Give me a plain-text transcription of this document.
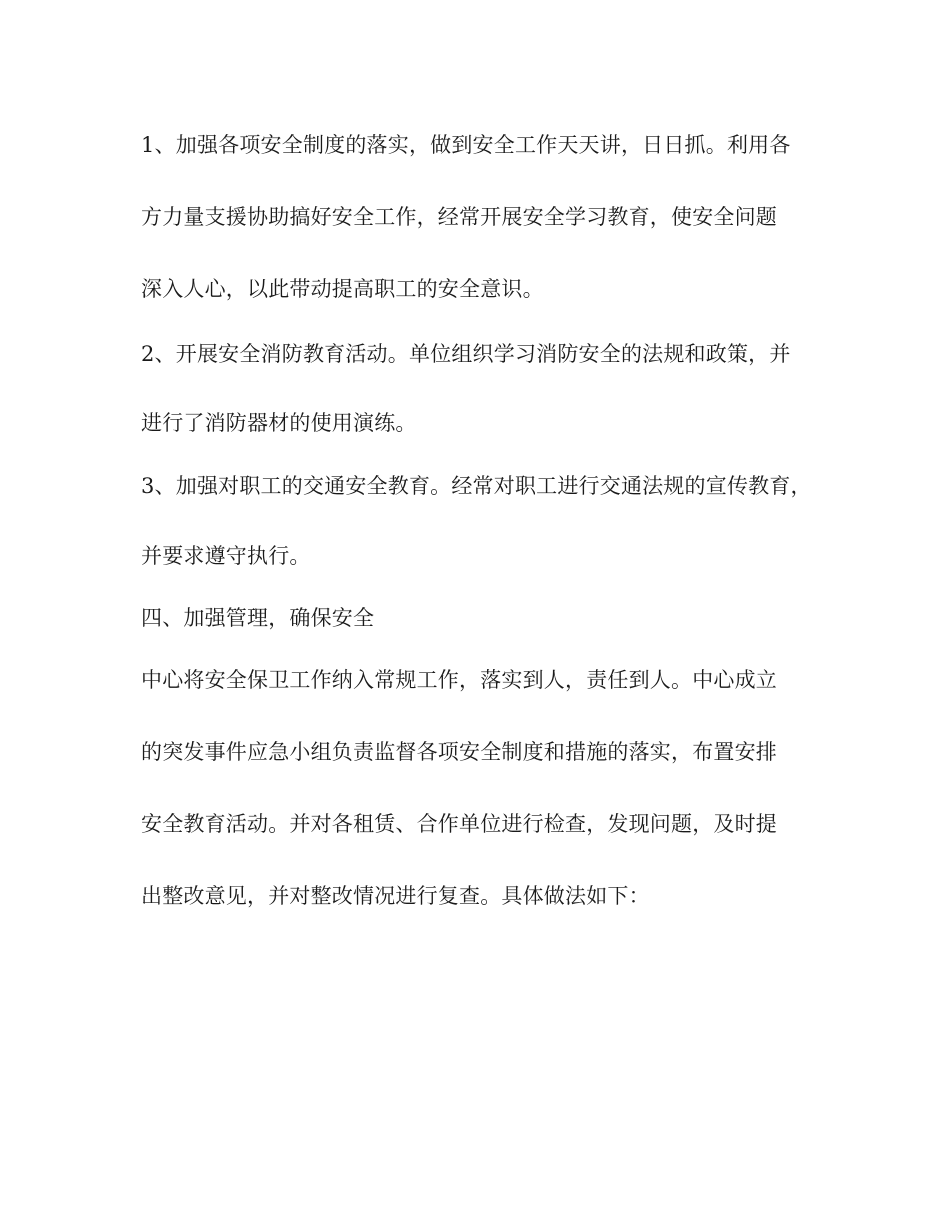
1、加强各项安全制度的落实，做到安全工作天天讲，日日抓。利用各
方力量支援协助搞好安全工作，经常开展安全学习教育，使安全问题
深入人心，以此带动提高职工的安全意识。
2、开展安全消防教育活动。单位组织学习消防安全的法规和政策，并
进行了消防器材的使用演练。
3、加强对职工的交通安全教育。经常对职工进行交通法规的宣传教育，
并要求遵守执行。
四、加强管理，确保安全
中心将安全保卫工作纳入常规工作，落实到人，责任到人。中心成立
的突发事件应急小组负责监督各项安全制度和措施的落实，布置安排
安全教育活动。并对各租赁、合作单位进行检查，发现问题，及时提
出整改意见，并对整改情况进行复查。具体做法如下：
